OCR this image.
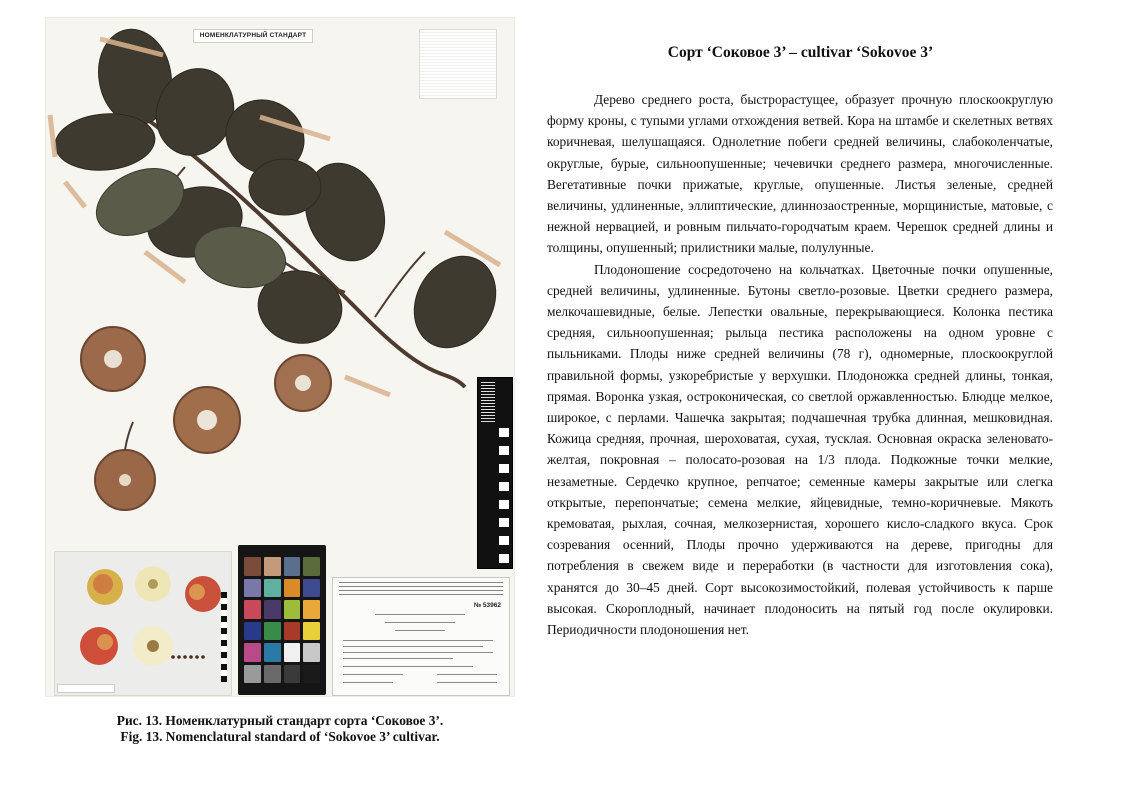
НОМЕНКЛАТУРНЫЙ СТАНДАРТ
№ 53962
Рис. 13. Номенклатурный стандарт сорта ‘Соковое 3’.
Fig. 13. Nomenclatural standard of ‘Sokovoe 3’ cultivar.
Сорт ‘Соковое 3’ – cultivar ‘Sokovoe 3’

Дерево среднего роста, быстрорастущее, образует прочную плоскоокруглую форму кроны, с тупыми углами отхождения ветвей. Кора на штамбе и скелетных ветвях коричневая, шелушащаяся. Однолетние побеги средней величины, слабоколенчатые, округлые, бурые, сильноопушенные; чечевички среднего размера, многочисленные. Вегетативные почки прижатые, круглые, опушенные. Листья зеленые, средней величины, удлиненные, эллиптические, длиннозаостренные, морщинистые, матовые, с нежной нервацией, и ровным пильчато-городчатым краем. Черешок средней длины и толщины, опушенный; прилистники малые, полулунные.

Плодоношение сосредоточено на кольчатках. Цветочные почки опушенные, средней величины, удлиненные. Бутоны светло-розовые. Цветки среднего размера, мелкочашевидные, белые. Лепестки овальные, перекрывающиеся. Колонка пестика средняя, сильноопушенная; рыльца пестика расположены на одном уровне с пыльниками. Плоды ниже средней величины (78 г), одномерные, плоскоокруглой правильной формы, узкоребристые у верхушки. Плодоножка средней длины, тонкая, прямая. Воронка узкая, остроконическая, со светлой оржавленностью. Блюдце мелкое, широкое, с перлами. Чашечка закрытая; подчашечная трубка длинная, мешковидная. Кожица средняя, прочная, шероховатая, сухая, тусклая. Основная окраска зеленовато-желтая, покровная – полосато-розовая на 1/3 плода. Подкожные точки мелкие, незаметные. Сердечко крупное, репчатое; семенные камеры закрытые или слегка открытые, перепончатые; семена мелкие, яйцевидные, темно-коричневые. Мякоть кремоватая, рыхлая, сочная, мелкозернистая, хорошего кисло-сладкого вкуса. Срок созревания осенний, Плоды прочно удерживаются на дереве, пригодны для потребления в свежем виде и переработки (в частности для изготовления сока), хранятся до 30–45 дней. Сорт высокозимостойкий, полевая устойчивость к парше высокая. Скороплодный, начинает плодоносить на пятый год после окулировки. Периодичности плодоношения нет.
